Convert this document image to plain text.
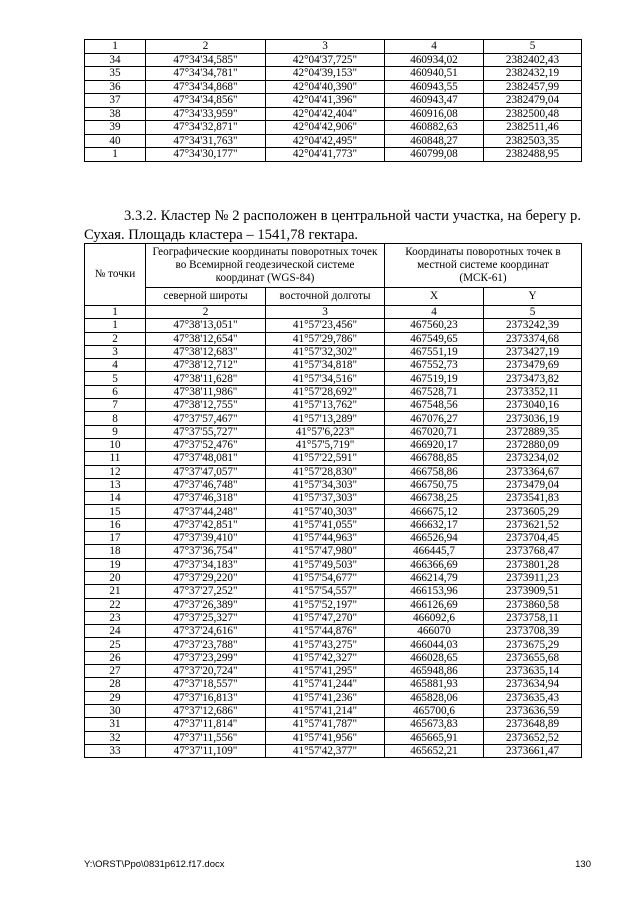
1	2	3	4	5
34	47°34'34,585"	42°04'37,725"	460934,02	2382402,43
35	47°34'34,781"	42°04'39,153"	460940,51	2382432,19
36	47°34'34,868"	42°04'40,390"	460943,55	2382457,99
37	47°34'34,856"	42°04'41,396"	460943,47	2382479,04
38	47°34'33,959"	42°04'42,404"	460916,08	2382500,48
39	47°34'32,871"	42°04'42,906"	460882,63	2382511,46
40	47°34'31,763"	42°04'42,495"	460848,27	2382503,35
1	47°34'30,177"	42°04'41,773"	460799,08	2382488,95

3.3.2. Кластер № 2 расположен в центральной части участка, на берегу р. Сухая. Площадь кластера – 1541,78 гектара.

№ точки	Географические координаты поворотных точек во Всемирной геодезической системе координат (WGS-84)		Координаты поворотных точек в местной системе координат (МСК-61)	
	северной широты	восточной долготы	X	Y
1	2	3	4	5
1	47°38'13,051"	41°57'23,456"	467560,23	2373242,39
2	47°38'12,654"	41°57'29,786"	467549,65	2373374,68
3	47°38'12,683"	41°57'32,302"	467551,19	2373427,19
4	47°38'12,712"	41°57'34,818"	467552,73	2373479,69
5	47°38'11,628"	41°57'34,516"	467519,19	2373473,82
6	47°38'11,986"	41°57'28,692"	467528,71	2373352,11
7	47°38'12,755"	41°57'13,762"	467548,56	2373040,16
8	47°37'57,467"	41°57'13,289"	467076,27	2373036,19
9	47°37'55,727"	41°57'6,223"	467020,71	2372889,35
10	47°37'52,476"	41°57'5,719"	466920,17	2372880,09
11	47°37'48,081"	41°57'22,591"	466788,85	2373234,02
12	47°37'47,057"	41°57'28,830"	466758,86	2373364,67
13	47°37'46,748"	41°57'34,303"	466750,75	2373479,04
14	47°37'46,318"	41°57'37,303"	466738,25	2373541,83
15	47°37'44,248"	41°57'40,303"	466675,12	2373605,29
16	47°37'42,851"	41°57'41,055"	466632,17	2373621,52
17	47°37'39,410"	41°57'44,963"	466526,94	2373704,45
18	47°37'36,754"	41°57'47,980"	466445,7	2373768,47
19	47°37'34,183"	41°57'49,503"	466366,69	2373801,28
20	47°37'29,220"	41°57'54,677"	466214,79	2373911,23
21	47°37'27,252"	41°57'54,557"	466153,96	2373909,51
22	47°37'26,389"	41°57'52,197"	466126,69	2373860,58
23	47°37'25,327"	41°57'47,270"	466092,6	2373758,11
24	47°37'24,616"	41°57'44,876"	466070	2373708,39
25	47°37'23,788"	41°57'43,275"	466044,03	2373675,29
26	47°37'23,299"	41°57'42,327"	466028,65	2373655,68
27	47°37'20,724"	41°57'41,295"	465948,86	2373635,14
28	47°37'18,557"	41°57'41,244"	465881,93	2373634,94
29	47°37'16,813"	41°57'41,236"	465828,06	2373635,43
30	47°37'12,686"	41°57'41,214"	465700,6	2373636,59
31	47°37'11,814"	41°57'41,787"	465673,83	2373648,89
32	47°37'11,556"	41°57'41,956"	465665,91	2373652,52
33	47°37'11,109"	41°57'42,377"	465652,21	2373661,47
Y:\ORST\Ppo\0831p612.f17.docx	130
